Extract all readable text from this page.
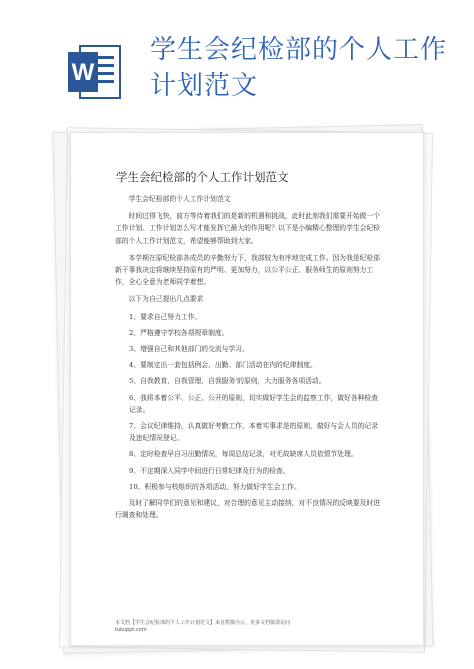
W
学生会纪检部的个人工作计划范文
学生会纪检部的个人工作计划范文

学生会纪检部的个人工作计划范文

时间过得飞快，前方等待着我们的是新的机遇和挑战，此时此刻我们需要开始做一个工作计划。工作计划怎么写才能发挥它最大的作用呢？以下是小编精心整理的学生会纪检部的个人工作计划范文，希望能够帮助到大家。

本学期在原纪检部各成员的辛勤努力下，我部较为有序地完成工作。因为我是纪检部新干事我决定将继续坚持原有的严明、更加努力，以公平公正、服务师生的原则努力工作，全心全意为老师同学着想。

以下为自己提出几点要求

1、要求自己努力工作。

2、严格遵守学校各项规章制度。

3、增强自己和其他部门的交流与学习。

4、要制定出一套包括例会、出勤、部门活动在内的纪律制度。

5、自我教育、自我管理、自我服务'的原则，大力服务各项活动。

6、我将本着公平、公正、公开的原则，切实做好学生会的监察工作，做好各种检查记录。

7、会议纪律维持，认真做好考勤工作，本着实事求是的原则，做好与会人员的记录及违纪情况登记。

8、定时检查早自习出勤情况，每周总结记录，对无故缺席人员依情节处理。

9、不定期深入同学中间进行日常纪律及行为的检查。

10、积极参与校组织的各项活动，努力做好学生会工作。

及时了解同学们的意见和建议，对合理的意见主动接纳，对不良情况的反映要及时进行调查和处理。

本文档【学生会纪检部的个人工作计划范文】来自熊猫办公，更多文档敬请访问
tukuppt.com
